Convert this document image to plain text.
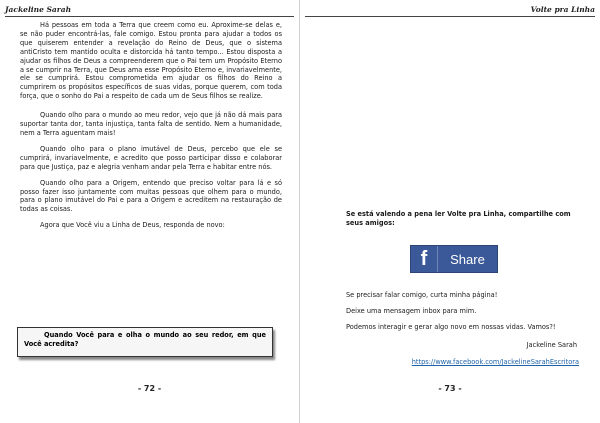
Jackeline Sarah

Há pessoas em toda a Terra que creem como eu. Aproxime-se delas e, se não puder encontrá-las, fale comigo. Estou pronta para ajudar a todos os que quiserem entender a revelação do Reino de Deus, que o sistema antiCristo tem mantido oculta e distorcida há tanto tempo... Estou disposta a ajudar os filhos de Deus a compreenderem que o Pai tem um Propósito Eterno a se cumprir na Terra, que Deus ama esse Propósito Eterno e, invariavelmente, ele se cumprirá. Estou comprometida em ajudar os filhos do Reino a cumprirem os propósitos específicos de suas vidas, porque querem, com toda força, que o sonho do Pai a respeito de cada um de Seus filhos se realize.

Quando olho para o mundo ao meu redor, vejo que já não dá mais para suportar tanta dor, tanta injustiça, tanta falta de sentido. Nem a humanidade, nem a Terra aguentam mais!

Quando olho para o plano imutável de Deus, percebo que ele se cumprirá, invariavelmente, e acredito que posso participar disso e colaborar para que Justiça, paz e alegria venham andar pela Terra e habitar entre nós.

Quando olho para a Origem, entendo que preciso voltar para lá e só posso fazer isso juntamente com muitas pessoas que olhem para o mundo, para o plano imutável do Pai e para a Origem e acreditem na restauração de todas as coisas.

Agora que Você viu a Linha de Deus, responda de novo:

Quando Você para e olha o mundo ao seu redor, em que Você acredita?
- 72 -
Volte pra Linha
- 73 -
Se está valendo a pena ler Volte pra Linha, compartilhe com seus amigos:
f	Share
Se precisar falar comigo, curta minha página!
Deixe uma mensagem inbox para mim.
Podemos interagir e gerar algo novo em nossas vidas. Vamos?!
Jackeline Sarah
https://www.facebook.com/JackelineSarahEscritora
